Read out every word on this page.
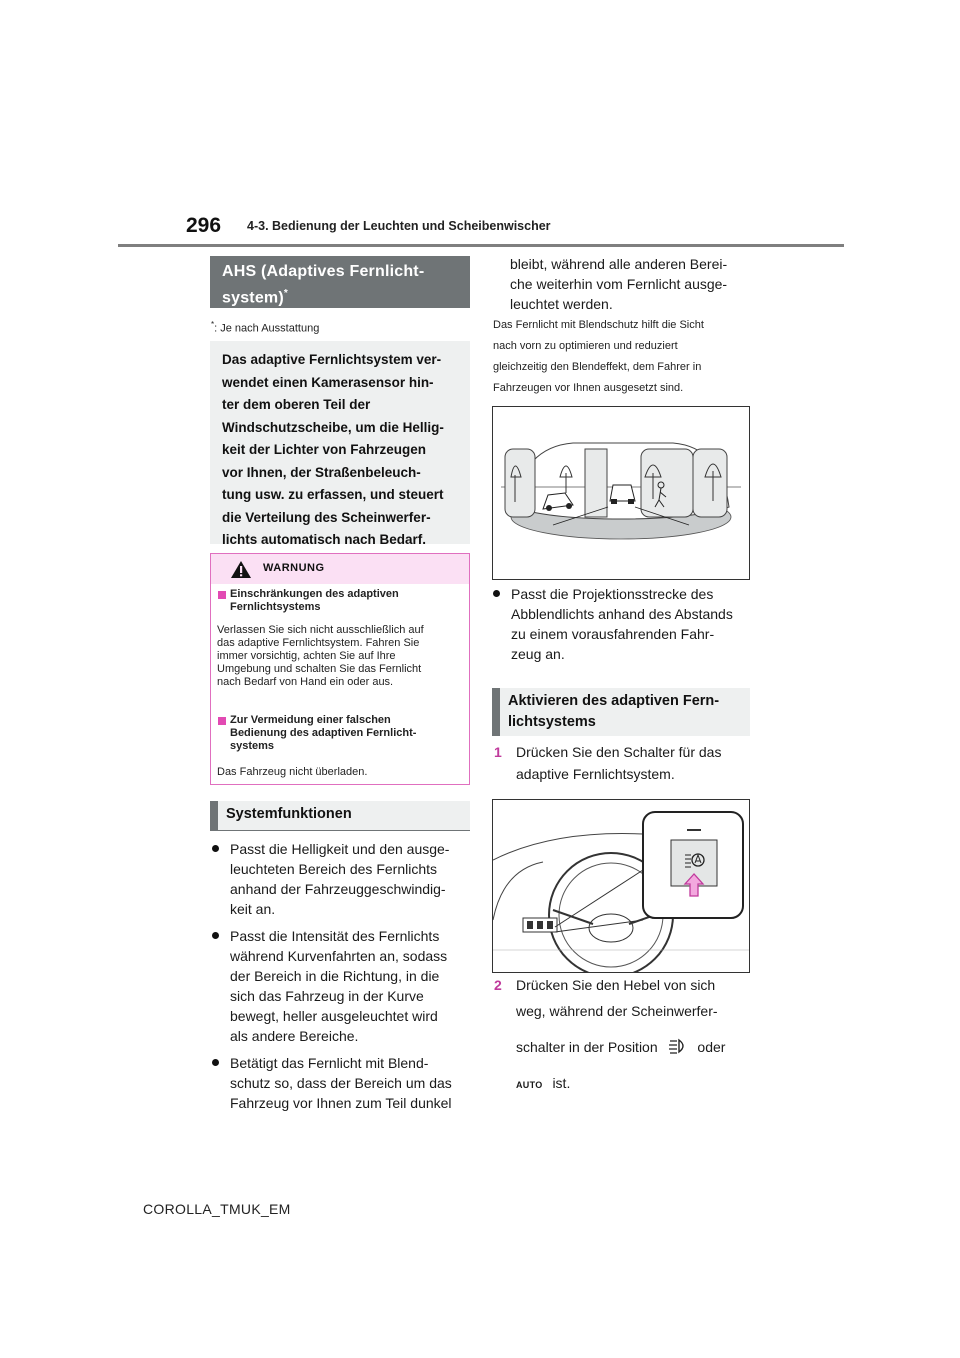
296 4-3. Bedienung der Leuchten und Scheibenwischer
AHS (Adaptives Fernlicht-
system)*
*: Je nach Ausstattung
Das adaptive Fernlichtsystem ver-
wendet einen Kamerasensor hin-
ter dem oberen Teil der
Windschutzscheibe, um die Hellig-
keit der Lichter von Fahrzeugen
vor Ihnen, der Straßenbeleuch-
tung usw. zu erfassen, und steuert
die Verteilung des Scheinwerfer-
lichts automatisch nach Bedarf.
WARNUNG
Einschränkungen des adaptiven
Fernlichtsystems
Verlassen Sie sich nicht ausschließlich auf
das adaptive Fernlichtsystem. Fahren Sie
immer vorsichtig, achten Sie auf Ihre
Umgebung und schalten Sie das Fernlicht
nach Bedarf von Hand ein oder aus.
Zur Vermeidung einer falschen
Bedienung des adaptiven Fernlicht-
systems
Das Fahrzeug nicht überladen.
Systemfunktionen
Passt die Helligkeit und den ausge-
leuchteten Bereich des Fernlichts
anhand der Fahrzeuggeschwindig-
keit an.
Passt die Intensität des Fernlichts
während Kurvenfahrten an, sodass
der Bereich in die Richtung, in die
sich das Fahrzeug in der Kurve
bewegt, heller ausgeleuchtet wird
als andere Bereiche.
Betätigt das Fernlicht mit Blend-
schutz so, dass der Bereich um das
Fahrzeug vor Ihnen zum Teil dunkel
bleibt, während alle anderen Berei-
che weiterhin vom Fernlicht ausge-
leuchtet werden.
Das Fernlicht mit Blendschutz hilft die Sicht
nach vorn zu optimieren und reduziert
gleichzeitig den Blendeffekt, dem Fahrer in
Fahrzeugen vor Ihnen ausgesetzt sind.
Passt die Projektionsstrecke des
Abblendlichts anhand des Abstands
zu einem vorausfahrenden Fahr-
zeug an.
Aktivieren des adaptiven Fern-
lichtsystems
1 Drücken Sie den Schalter für das
adaptive Fernlichtsystem.
2 Drücken Sie den Hebel von sich
weg, während der Scheinwerfer-
schalter in der Position	oder
AUTO ist.
COROLLA_TMUK_EM
